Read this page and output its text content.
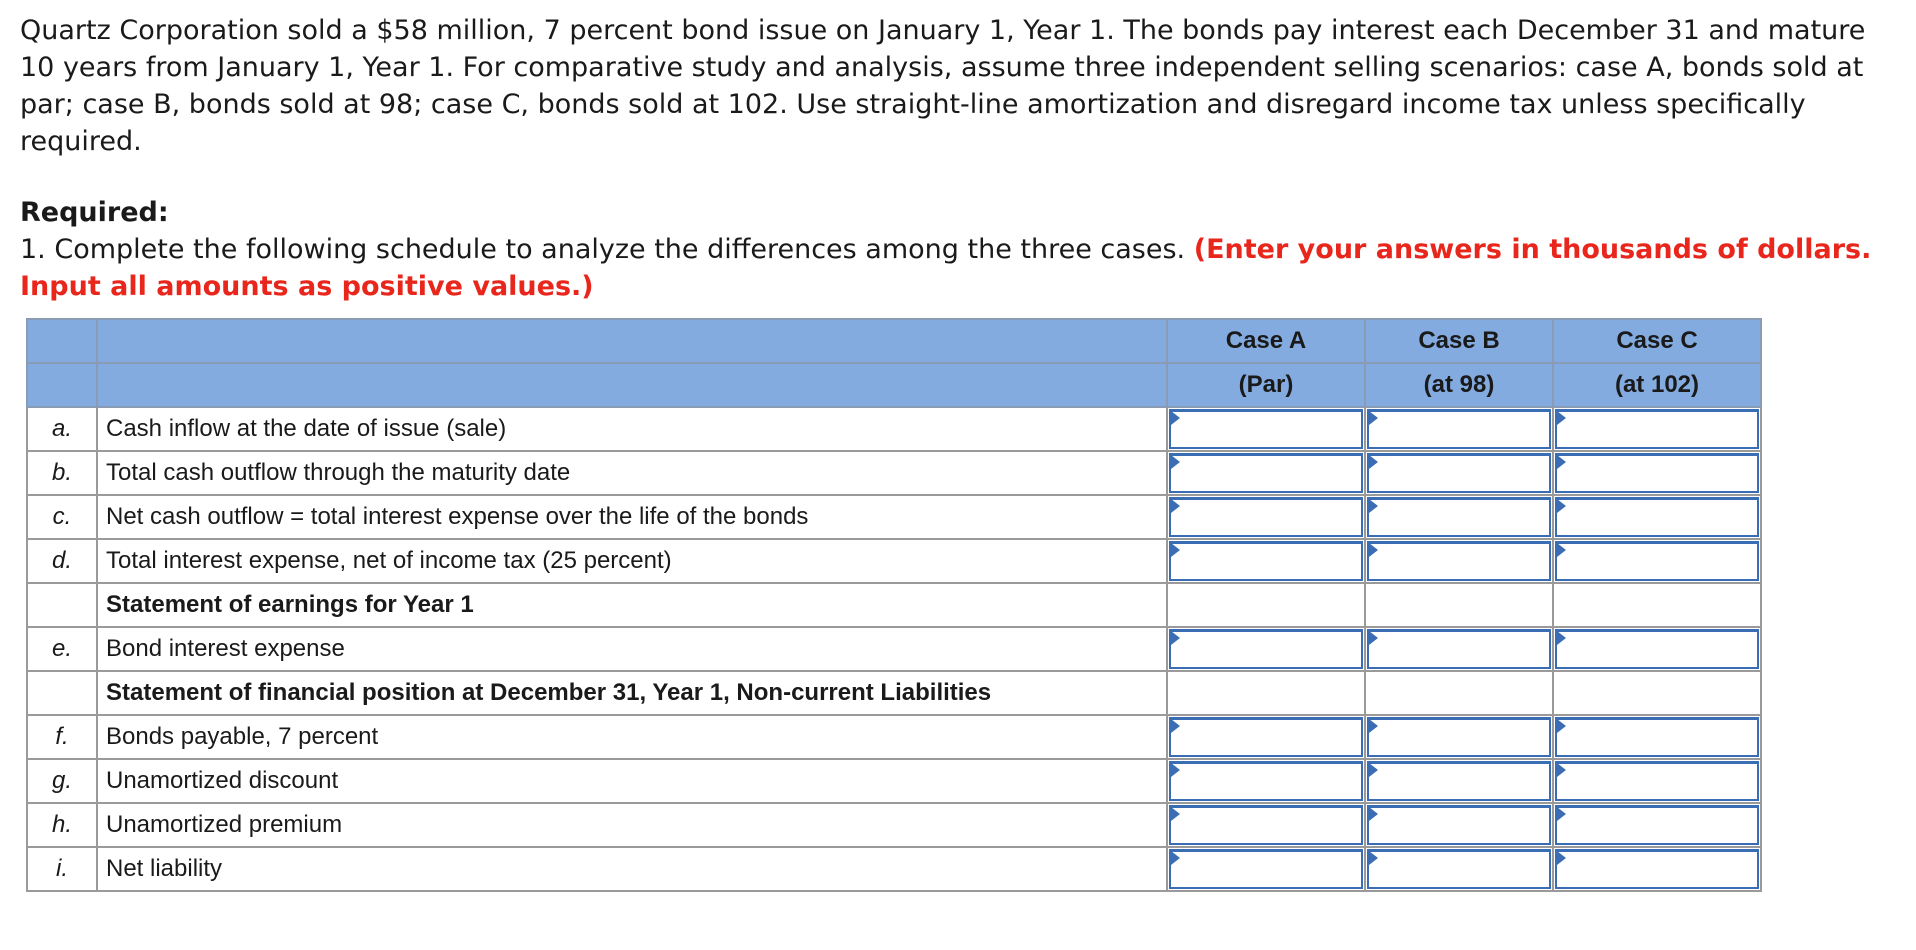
Quartz Corporation sold a $58 million, 7 percent bond issue on January 1, Year 1. The bonds pay interest each December 31 and mature 10 years from January 1, Year 1. For comparative study and analysis, assume three independent selling scenarios: case A, bonds sold at par; case B, bonds sold at 98; case C, bonds sold at 102. Use straight-line amortization and disregard income tax unless specifically required.

Required:

1. Complete the following schedule to analyze the differences among the three cases. (Enter your answers in thousands of dollars. Input all amounts as positive values.)

		Case A	Case B	Case C
		(Par)	(at 98)	(at 102)
a.	Cash inflow at the date of issue (sale)	

b.	Total cash outflow through the maturity date	

c.	Net cash outflow = total interest expense over the life of the bonds	

d.	Total interest expense, net of income tax (25 percent)	

	Statement of earnings for Year 1			
e.	Bond interest expense	

	Statement of financial position at December 31, Year 1, Non-current Liabilities			
f.	Bonds payable, 7 percent	

g.	Unamortized discount	

h.	Unamortized premium	

i.	Net liability	
